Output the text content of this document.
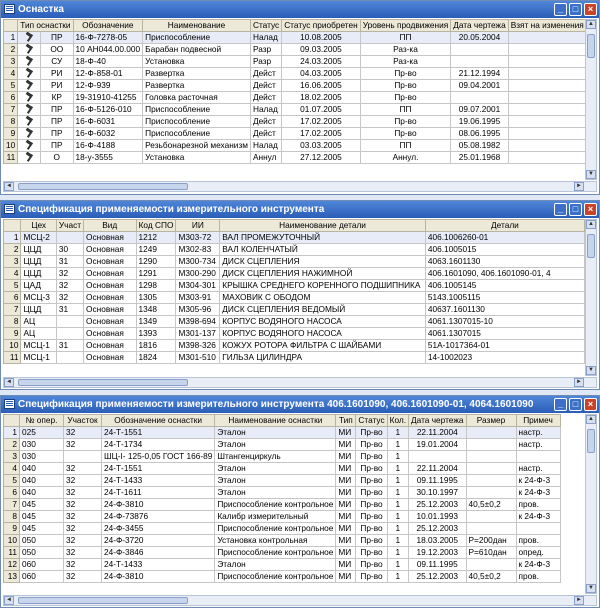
Оснастка	_	□	×
	Тип оснастки		Обозначение	Наименование	Статус	Статус приобретен	Уровень продвижения	Дата чертежа	Взят на изменения
1		ПР	16-Ф-7278-05	Приспособление	Налад	10.08.2005	ПП	20.05.2004	
2		ОО	10 АН044.00.000	Барабан подвесной	Разр	09.03.2005	Раз-ка		
3		СУ	18-Ф-40	Установка	Разр	24.03.2005	Раз-ка		
4		РИ	12-Ф-858-01	Развертка	Дейст	04.03.2005	Пр-во	21.12.1994	
5		РИ	12-Ф-939	Развертка	Дейст	16.06.2005	Пр-во	09.04.2001	
6		КР	19-31910-41255	Головка расточная	Дейст	18.02.2005	Пр-во		
7		ПР	16-Ф-5126-010	Приспособление	Налад	01.07.2005	ПП	09.07.2001	
8		ПР	16-Ф-6031	Приспособление	Дейст	17.02.2005	Пр-во	19.06.1995	
9		ПР	16-Ф-6032	Приспособление	Дейст	17.02.2005	Пр-во	08.06.1995	
10		ПР	16-Ф-4188	Резьбонарезной механизм	Налад	03.03.2005	ПП	05.08.1982	
11		О	18-у-3555	Установка	Аннул	27.12.2005	Аннул.	25.01.1968	
▲
▼
◄	►
Спецификация применяемости измерительного инструмента	_	□	×
	Цех	Участ	Вид	Код СПО	ИИ	Наименование детали	Детали
1	МСЦ-2		Основная	1212	М303-72	ВАЛ ПРОМЕЖУТОЧНЫЙ	406.1006260-01
2	ЦЦД	30	Основная	1249	М302-83	ВАЛ КОЛЕНЧАТЫЙ	406.1005015
3	ЦЦД	31	Основная	1290	М300-734	ДИСК СЦЕПЛЕНИЯ	4063.1601130
4	ЦЦД	32	Основная	1291	М300-290	ДИСК СЦЕПЛЕНИЯ НАЖИМНОЙ	406.1601090, 406.1601090-01, 4
5	ЦАД	32	Основная	1298	М304-301	КРЫШКА СРЕДНЕГО КОРЕННОГО ПОДШИПНИКА	406.1005145
6	МСЦ-3	32	Основная	1305	М303-91	МАХОВИК С ОБОДОМ	5143.1005115
7	ЦЦД	31	Основная	1348	М305-96	ДИСК СЦЕПЛЕНИЯ ВЕДОМЫЙ	40637.1601130
8	АЦ		Основная	1349	М398-694	КОРПУС ВОДЯНОГО НАСОСА	4061.1307015-10
9	АЦ		Основная	1393	М301-137	КОРПУС ВОДЯНОГО НАСОСА	4061.1307015
10	МСЦ-1	31	Основная	1816	М398-326	КОЖУХ РОТОРА ФИЛЬТРА С ШАЙБАМИ	51А-1017364-01
11	МСЦ-1		Основная	1824	М301-510	ГИЛЬЗА ЦИЛИНДРА	14-1002023
▲
▼
◄	►
Спецификация применяемости измерительного инструмента 406.1601090, 406.1601090-01, 4064.1601090	_	□	×
	№ опер.	Участок	Обозначение оснастки	Наименование оснастки	Тип	Статус	Кол.	Дата чертежа	Размер	Примеч
1	025	32	24-Т-1551	Эталон	МИ	Пр-во	1	22.11.2004		настр.
2	030	32	24-Т-1734	Эталон	МИ	Пр-во	1	19.01.2004		настр.
3	030		ШЦ-I- 125-0,05 ГОСТ 166-89	Штангенциркуль	МИ	Пр-во	1			
4	040	32	24-Т-1551	Эталон	МИ	Пр-во	1	22.11.2004		настр.
5	040	32	24-Т-1433	Эталон	МИ	Пр-во	1	09.11.1995		к 24-Ф-3
6	040	32	24-Т-1611	Эталон	МИ	Пр-во	1	30.10.1997		к 24-Ф-3
7	045	32	24-Ф-3810	Приспособление контрольное	МИ	Пр-во	1	25.12.2003	40,5±0,2	пров.
8	045	32	24-Ф-73876	Калибр измерительный	МИ	Пр-во	1	10.01.1993		к 24-Ф-3
9	045	32	24-Ф-3455	Приспособление контрольное	МИ	Пр-во	1	25.12.2003		
10	050	32	24-Ф-3720	Установка контрольная	МИ	Пр-во	1	18.03.2005	P=200дан	пров.
11	050	32	24-Ф-3846	Приспособление контрольное	МИ	Пр-во	1	19.12.2003	P=610дан	опред.
12	060	32	24-Т-1433	Эталон	МИ	Пр-во	1	09.11.1995		к 24-Ф-3
13	060	32	24-Ф-3810	Приспособление контрольное	МИ	Пр-во	1	25.12.2003	40,5±0,2	пров.
▲
▼
◄	►
